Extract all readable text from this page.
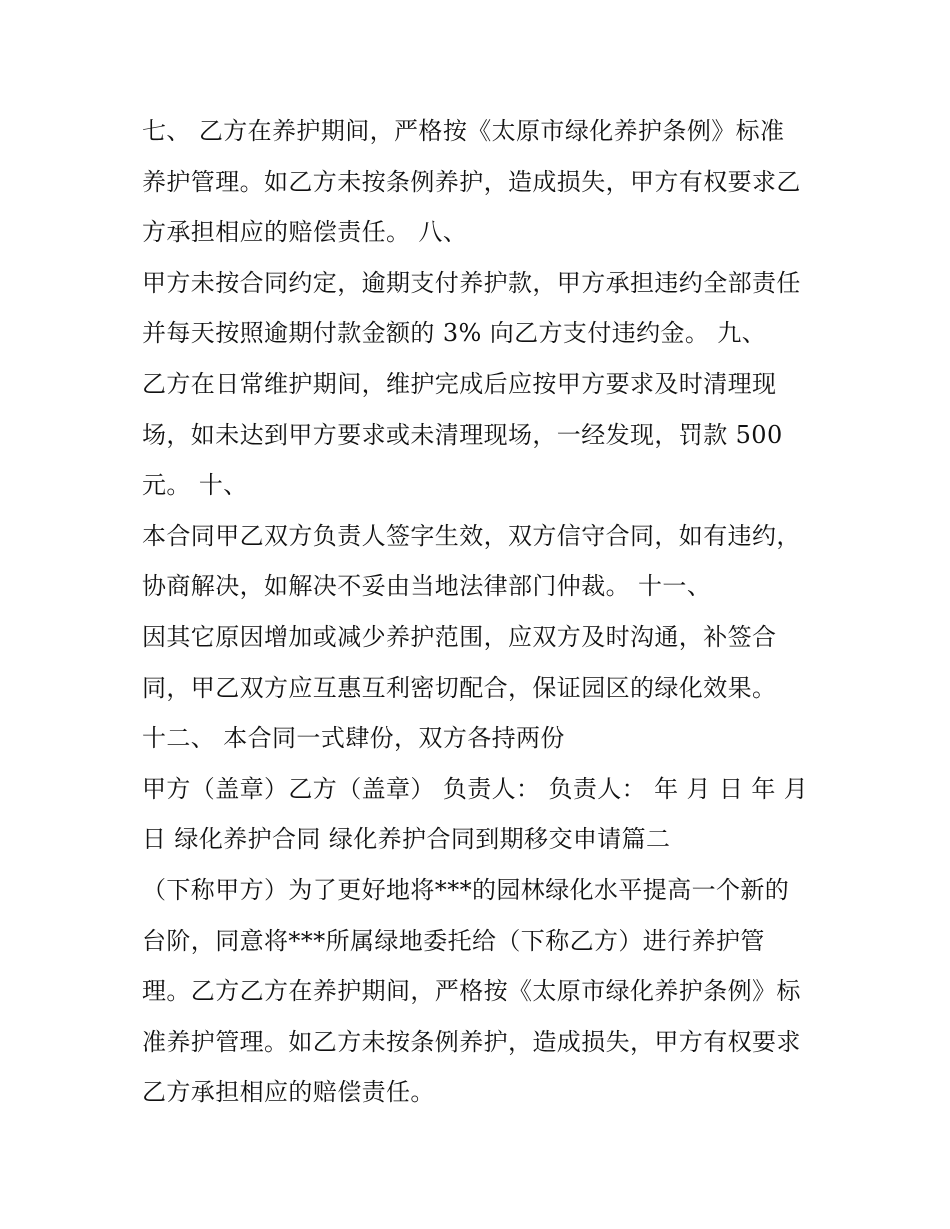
七、 乙方在养护期间，严格按《太原市绿化养护条例》标准
养护管理。如乙方未按条例养护，造成损失，甲方有权要求乙
方承担相应的赔偿责任。 八、
甲方未按合同约定，逾期支付养护款，甲方承担违约全部责任
并每天按照逾期付款金额的 3% 向乙方支付违约金。 九、
乙方在日常维护期间，维护完成后应按甲方要求及时清理现
场，如未达到甲方要求或未清理现场，一经发现，罚款 500
元。 十、
本合同甲乙双方负责人签字生效，双方信守合同，如有违约，
协商解决，如解决不妥由当地法律部门仲裁。 十一、
因其它原因增加或减少养护范围，应双方及时沟通，补签合
同，甲乙双方应互惠互利密切配合，保证园区的绿化效果。
十二、 本合同一式肆份，双方各持两份
甲方（盖章）乙方（盖章） 负责人： 负责人： 年 月 日 年 月
日 绿化养护合同 绿化养护合同到期移交申请篇二
（下称甲方）为了更好地将***的园林绿化水平提高一个新的
台阶，同意将***所属绿地委托给（下称乙方）进行养护管
理。乙方乙方在养护期间，严格按《太原市绿化养护条例》标
准养护管理。如乙方未按条例养护，造成损失，甲方有权要求
乙方承担相应的赔偿责任。
